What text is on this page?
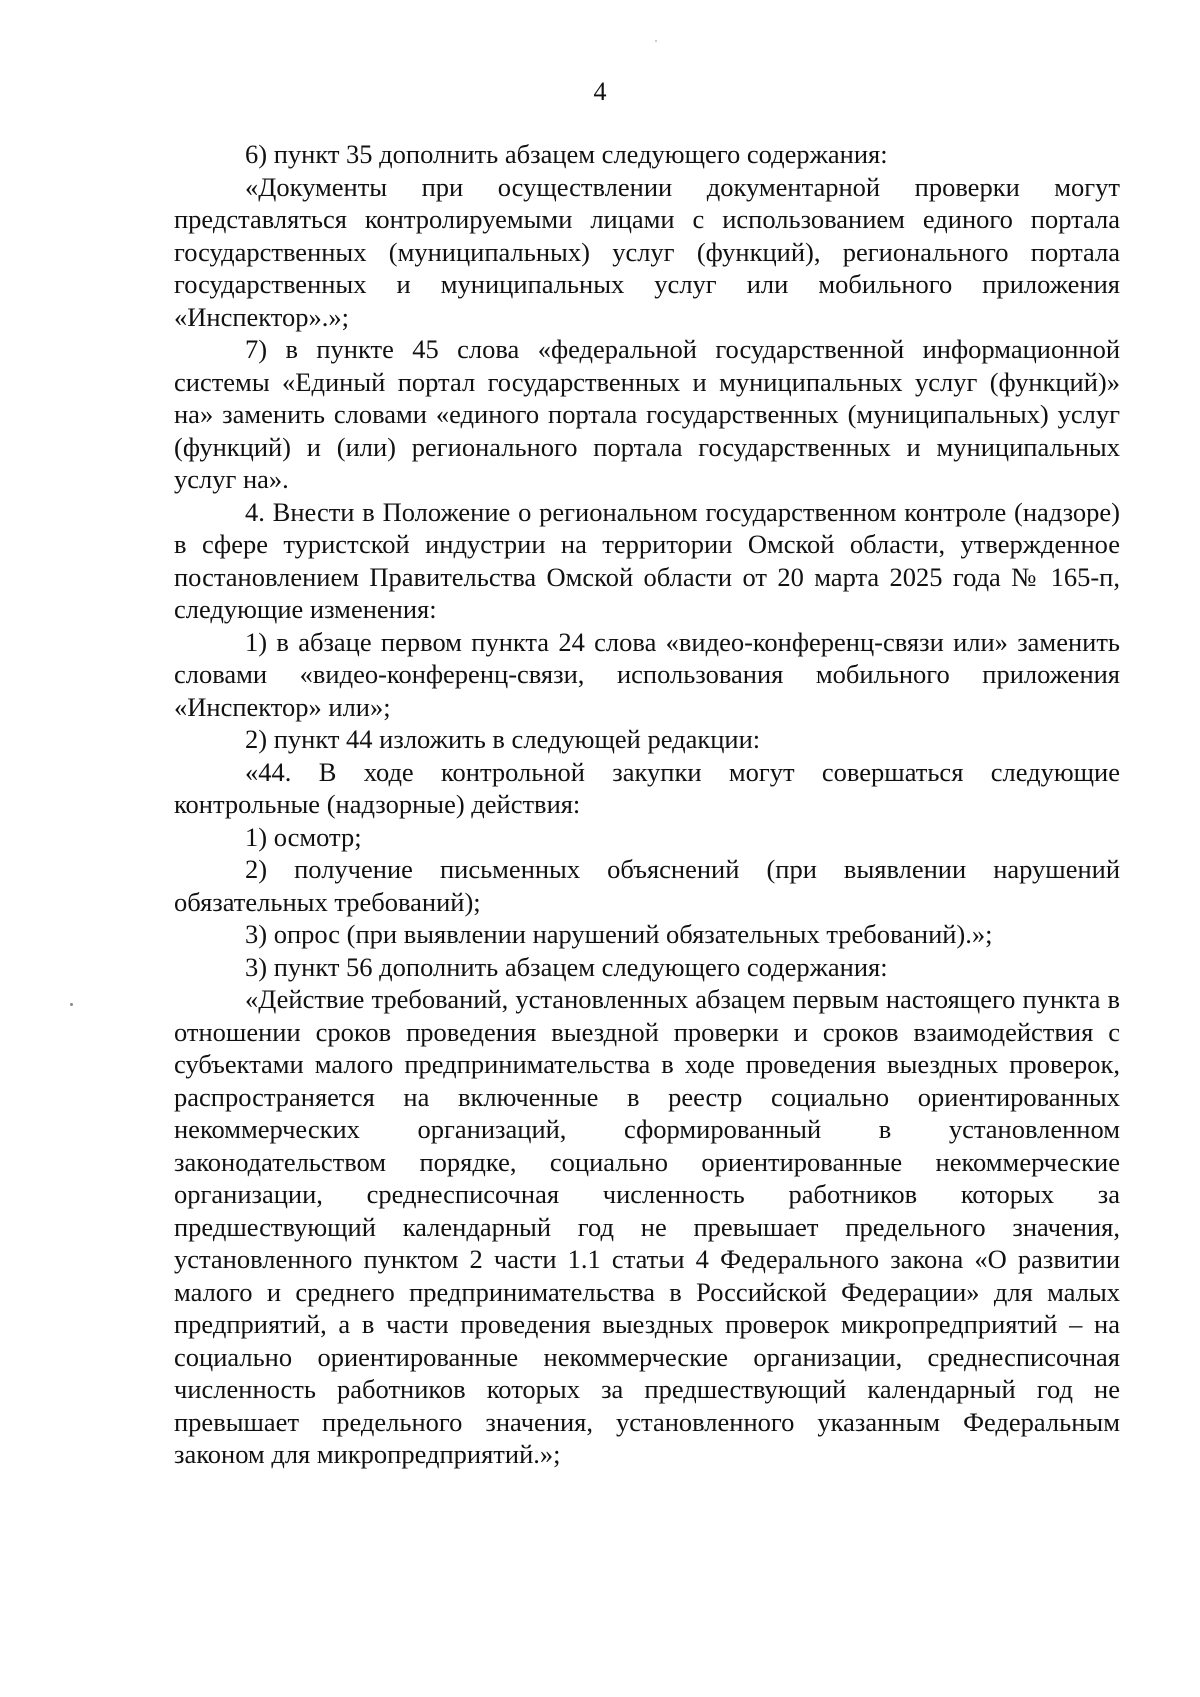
4

6) пункт 35 дополнить абзацем следующего содержания:

«Документы при осуществлении документарной проверки могут представляться контролируемыми лицами с использованием единого портала государственных (муниципальных) услуг (функций), регионального портала государственных и муниципальных услуг или мобильного приложения «Инспектор».»;

7) в пункте 45 слова «федеральной государственной информационной системы «Единый портал государственных и муниципальных услуг (функций)» на» заменить словами «единого портала государственных (муниципальных) услуг (функций) и (или) регионального портала государственных и муниципальных услуг на».

4. Внести в Положение о региональном государственном контроле (надзоре) в сфере туристской индустрии на территории Омской области, утвержденное постановлением Правительства Омской области от 20 марта 2025 года № 165-п, следующие изменения:

1) в абзаце первом пункта 24 слова «видео-конференц-связи или» заменить словами «видео-конференц-связи, использования мобильного приложения «Инспектор» или»;

2) пункт 44 изложить в следующей редакции:

«44. В ходе контрольной закупки могут совершаться следующие контрольные (надзорные) действия:

1) осмотр;

2) получение письменных объяснений (при выявлении нарушений обязательных требований);

3) опрос (при выявлении нарушений обязательных требований).»;

3) пункт 56 дополнить абзацем следующего содержания:

«Действие требований, установленных абзацем первым настоящего пункта в отношении сроков проведения выездной проверки и сроков взаимодействия с субъектами малого предпринимательства в ходе проведения выездных проверок, распространяется на включенные в реестр социально ориентированных некоммерческих организаций, сформированный в установленном законодательством порядке, социально ориентированные некоммерческие организации, среднесписочная численность работников которых за предшествующий календарный год не превышает предельного значения, установленного пунктом 2 части 1.1 статьи 4 Федерального закона «О развитии малого и среднего предпринимательства в Российской Федерации» для малых предприятий, а в части проведения выездных проверок микропредприятий – на социально ориентированные некоммерческие организации, среднесписочная численность работников которых за предшествующий календарный год не превышает предельного значения, установленного указанным Федеральным законом для микропредприятий.»;
